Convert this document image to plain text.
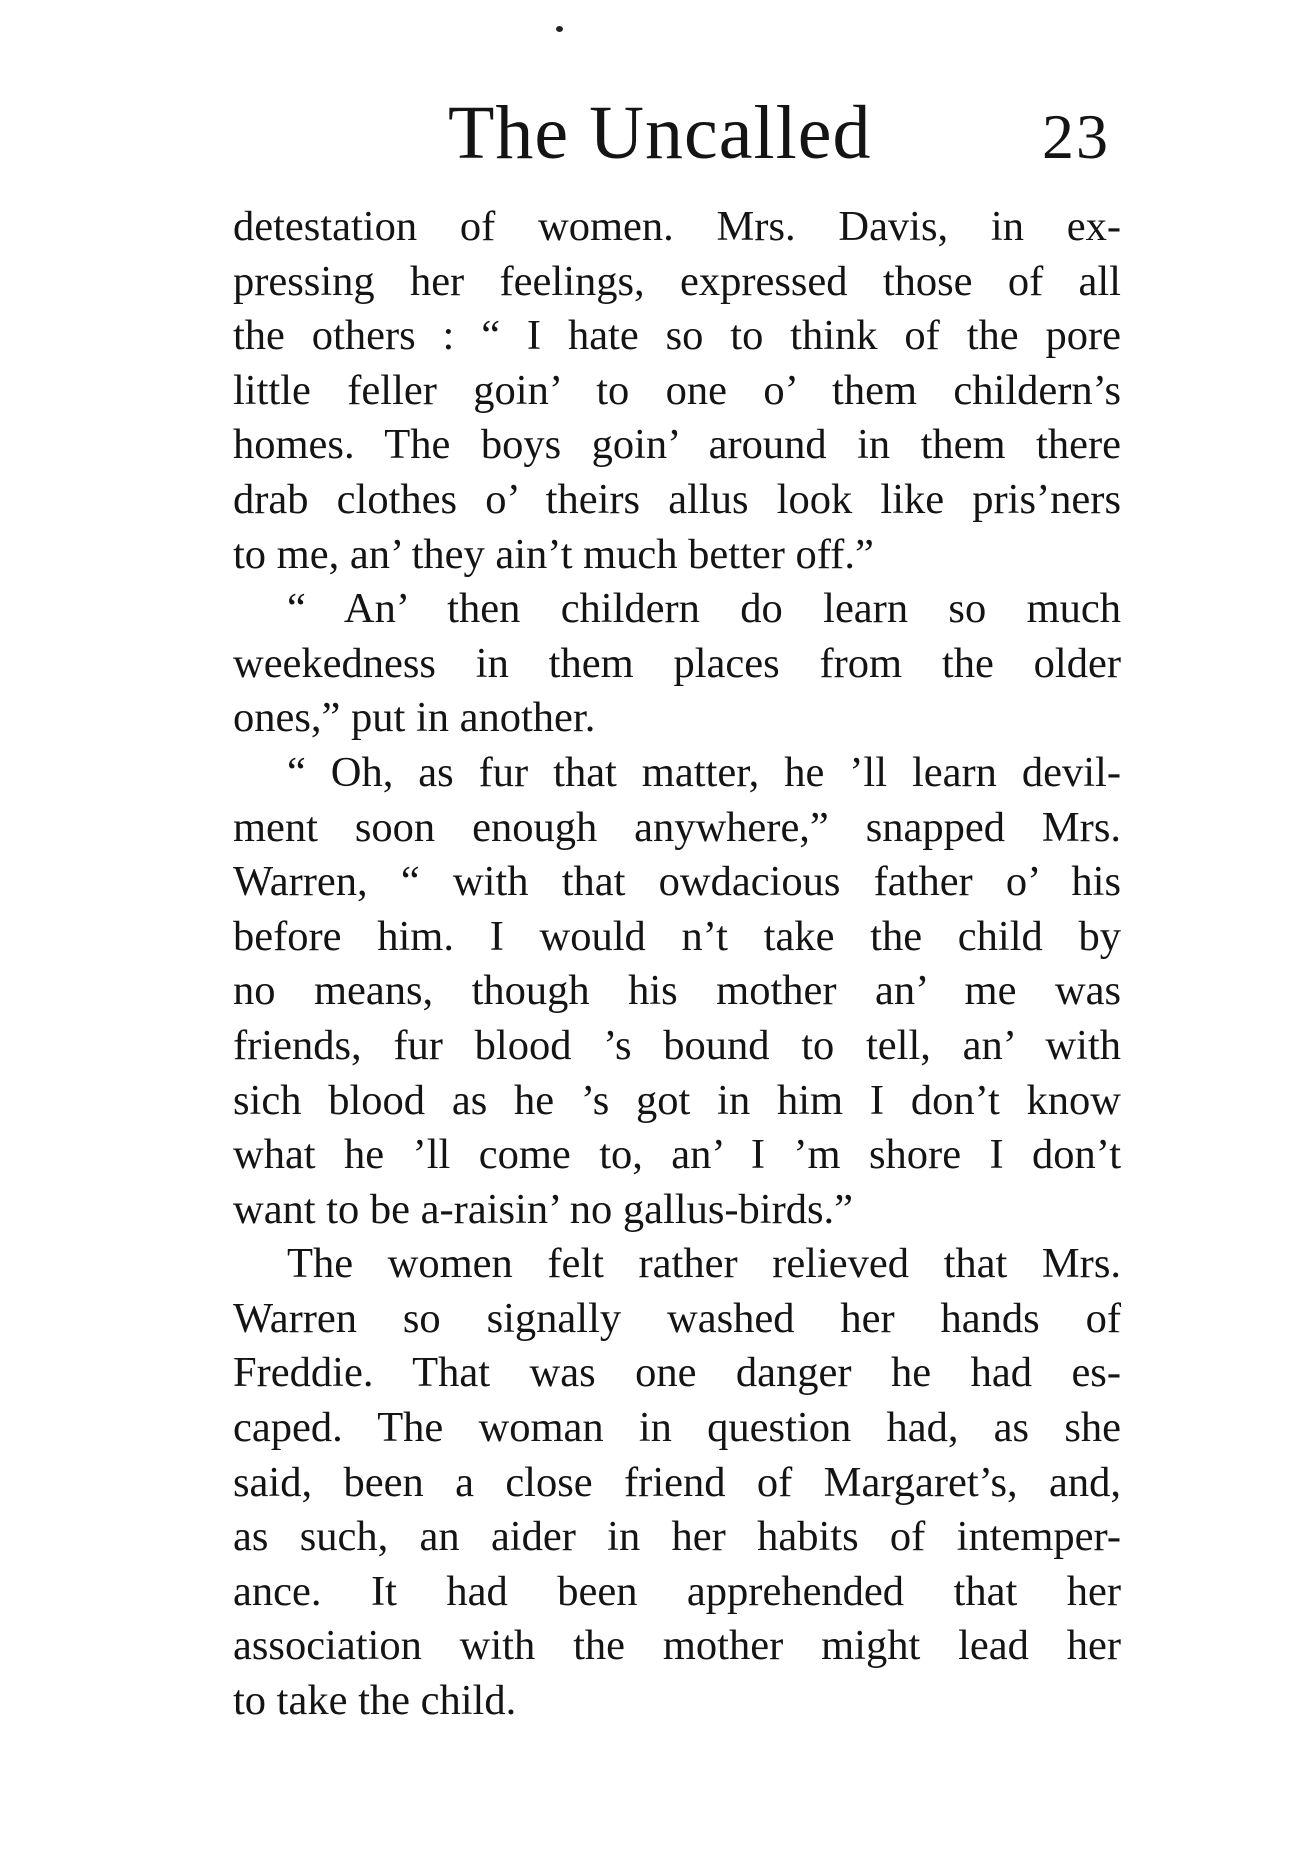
The Uncalled	23
detestation of women. Mrs. Davis, in ex-
pressing her feelings, expressed those of all
the others : “ I hate so to think of the pore
little feller goin’ to one o’ them childern’s
homes. The boys goin’ around in them there
drab clothes o’ theirs allus look like pris’ners
to me, an’ they ain’t much better off.”
“ An’ then childern do learn so much
weekedness in them places from the older
ones,” put in another.
“ Oh, as fur that matter, he ’ll learn devil-
ment soon enough anywhere,” snapped Mrs.
Warren, “ with that owdacious father o’ his
before him. I would n’t take the child by
no means, though his mother an’ me was
friends, fur blood ’s bound to tell, an’ with
sich blood as he ’s got in him I don’t know
what he ’ll come to, an’ I ’m shore I don’t
want to be a-raisin’ no gallus-birds.”
The women felt rather relieved that Mrs.
Warren so signally washed her hands of
Freddie. That was one danger he had es-
caped. The woman in question had, as she
said, been a close friend of Margaret’s, and,
as such, an aider in her habits of intemper-
ance. It had been apprehended that her
association with the mother might lead her
to take the child.
